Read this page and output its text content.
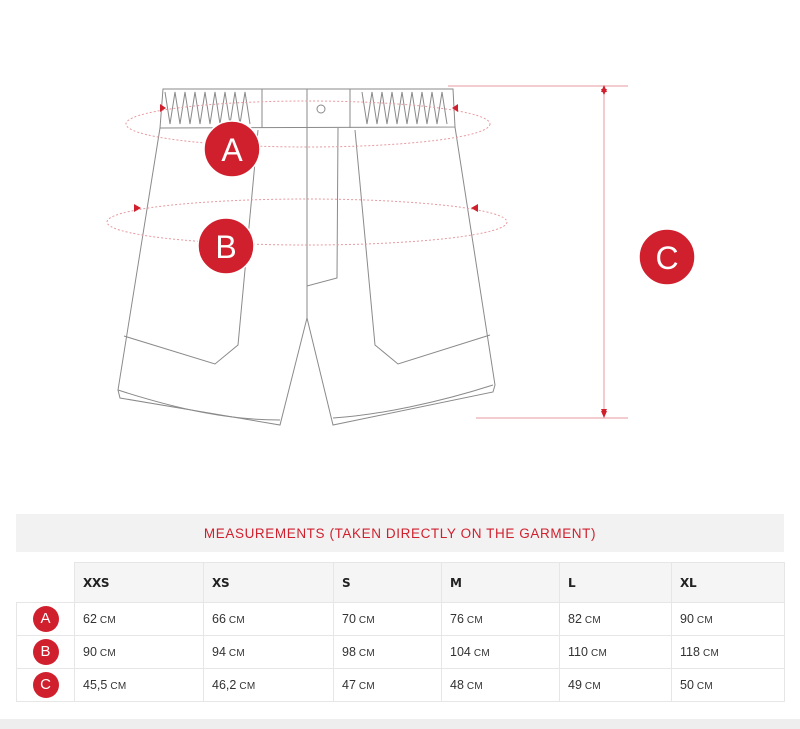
A
B	C
MEASUREMENTS (TAKEN DIRECTLY ON THE GARMENT)
	XXS	XS	S	M	L	XL
A	62 CM	66 CM	70 CM	76 CM	82 CM	90 CM
B	90 CM	94 CM	98 CM	104 CM	110 CM	118 CM
C	45,5 CM	46,2 CM	47 CM	48 CM	49 CM	50 CM
